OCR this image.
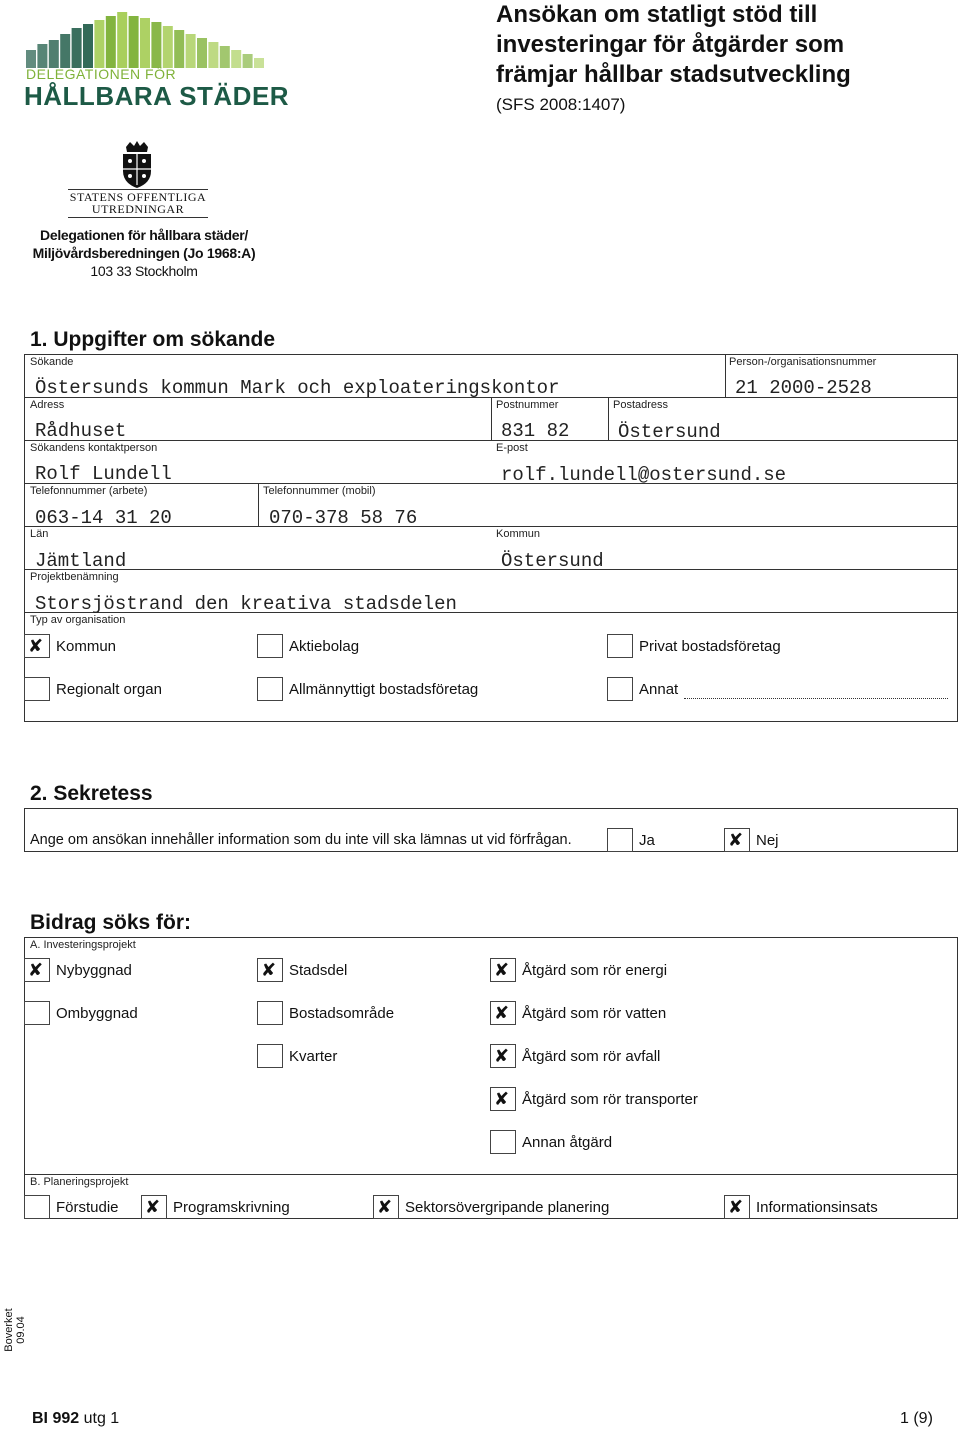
DELEGATIONEN FÖR
HÅLLBARA STÄDER
Ansökan om statligt stöd till
investeringar för åtgärder som
främjar hållbar stadsutveckling
(SFS 2008:1407)
STATENS OFFENTLIGA
UTREDNINGAR
Delegationen för hållbara städer/
Miljövårdsberedningen (Jo 1968:A)
103 33 Stockholm
1. Uppgifter om sökande
Sökande
Östersunds kommun Mark och exploateringskontor
Person-/organisationsnummer
21 2000-2528
Adress
Rådhuset
Postnummer
831 82
Postadress
Östersund
Sökandens kontaktperson
Rolf Lundell
E-post
rolf.lundell@ostersund.se
Telefonnummer (arbete)
063-14 31 20
Telefonnummer (mobil)
070-378 58 76
Län
Jämtland
Kommun
Östersund
Projektbenämning
Storsjöstrand den kreativa stadsdelen
Typ av organisation
✘ Kommun	Aktiebolag	Privat bostadsföretag
Regionalt organ	Allmännyttigt bostadsföretag	Annat
2. Sekretess
Ange om ansökan innehåller information som du inte vill ska lämnas ut vid förfrågan.	Ja	✘ Nej
Bidrag söks för:
A. Investeringsprojekt
✘ Nybyggnad	✘ Stadsdel	✘ Åtgärd som rör energi
Ombyggnad	Bostadsområde	✘ Åtgärd som rör vatten
Kvarter	✘ Åtgärd som rör avfall
✘ Åtgärd som rör transporter
Annan åtgärd
B. Planeringsprojekt
Förstudie ✘ Programskrivning	✘ Sektorsövergripande planering	✘ Informationsinsats
Boverket 09.04
BI 992 utg 1	1 (9)
